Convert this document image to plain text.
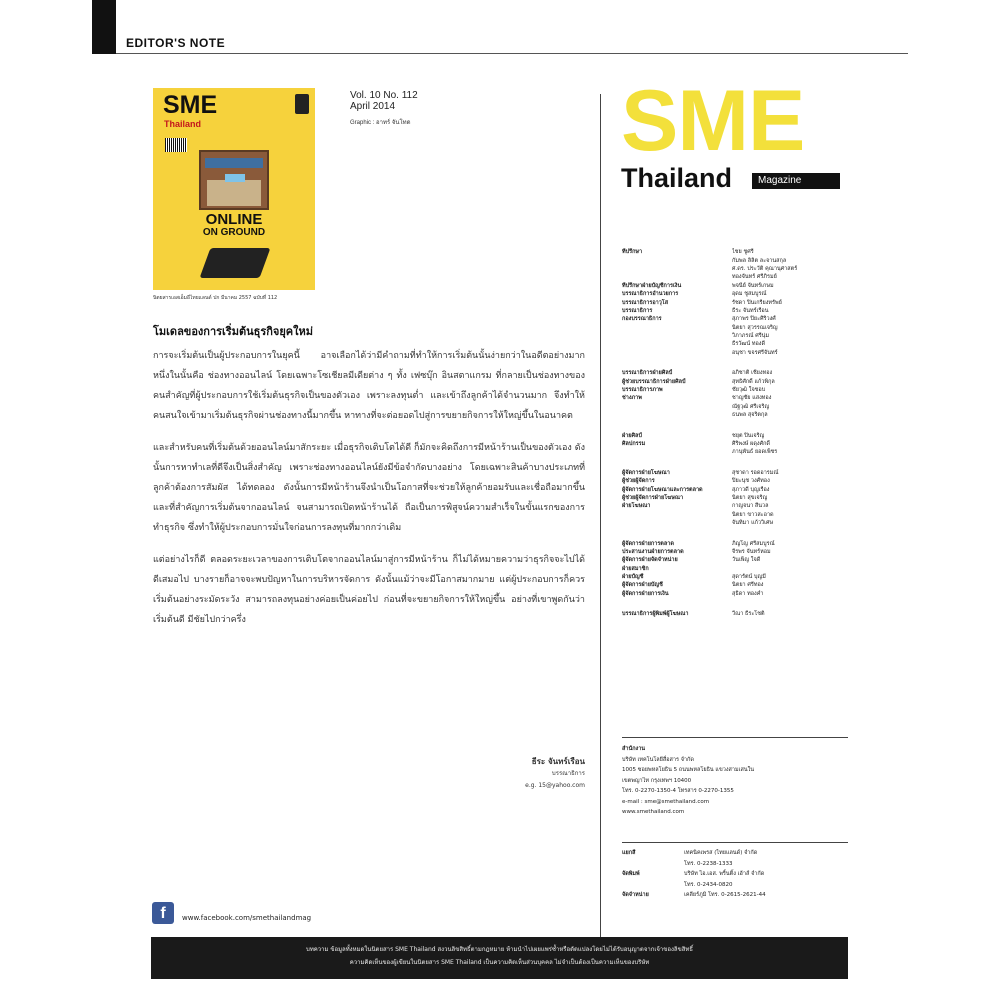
EDITOR'S NOTE
SME
Thailand
ONLINE
ON GROUND
นิตยสารเอสเอ็มอีไทยแลนด์ ปก มีนาคม 2557 ฉบับที่ 112
Vol. 10 No. 112
April 2014
Graphic : อาทร์ จันโทด
โมเดลของการเริ่มต้นธุรกิจยุคใหม่

การจะเริ่มต้นเป็นผู้ประกอบการในยุคนี้ อาจเลือกได้ว่ามีคำถามที่ทำให้การเริ่มต้นนั้นง่ายกว่าในอดีตอย่างมาก หนึ่งในนั้นคือ ช่องทางออนไลน์ โดยเฉพาะโซเชียลมีเดียต่าง ๆ ทั้ง เฟซบุ๊ก อินสตาแกรม ที่กลายเป็นช่องทางของคนสำคัญที่ผู้ประกอบการใช้เริ่มต้นธุรกิจเป็นของตัวเอง เพราะลงทุนต่ำ และเข้าถึงลูกค้าได้จำนวนมาก จึงทำให้คนสนใจเข้ามาเริ่มต้นธุรกิจผ่านช่องทางนี้มากขึ้น หาทางที่จะต่อยอดไปสู่การขยายกิจการให้ใหญ่ขึ้นในอนาคต

และสำหรับคนที่เริ่มต้นด้วยออนไลน์มาสักระยะ เมื่อธุรกิจเติบโตได้ดี ก็มักจะคิดถึงการมีหน้าร้านเป็นของตัวเอง ดังนั้นการหาทำเลที่ดีจึงเป็นสิ่งสำคัญ เพราะช่องทางออนไลน์ยังมีข้อจำกัดบางอย่าง โดยเฉพาะสินค้าบางประเภทที่ลูกค้าต้องการสัมผัส ได้ทดลอง ดังนั้นการมีหน้าร้านจึงนำเป็นโอกาสที่จะช่วยให้ลูกค้ายอมรับและเชื่อถือมากขึ้น และที่สำคัญการเริ่มต้นจากออนไลน์ จนสามารถเปิดหน้าร้านได้ ถือเป็นการพิสูจน์ความสำเร็จในขั้นแรกของการทำธุรกิจ ซึ่งทำให้ผู้ประกอบการมั่นใจก่อนการลงทุนที่มากกว่าเดิม

แต่อย่างไรก็ดี ตลอดระยะเวลาของการเติบโตจากออนไลน์มาสู่การมีหน้าร้าน ก็ไม่ได้หมายความว่าธุรกิจจะไปได้ดีเสมอไป บางรายก็อาจจะพบปัญหาในการบริหารจัดการ ดังนั้นแม้ว่าจะมีโอกาสมากมาย แต่ผู้ประกอบการก็ควรเริ่มต้นอย่างระมัดระวัง สามารถลงทุนอย่างค่อยเป็นค่อยไป ก่อนที่จะขยายกิจการให้ใหญ่ขึ้น อย่างที่เขาพูดกันว่า เริ่มต้นดี มีชัยไปกว่าครึ่ง

ธีระ จันทร์เรือน
บรรณาธิการ
e.g. 15@yahoo.com
f	www.facebook.com/smethailandmag
SME
Thailand	Magazine
ที่ปรึกษา	ไชย ชูศรี
กัมพล ลิลิต ละจานสกุล
ศ.ดร. ประวัติ คุณานุศาสตร์
ทองจันทร์ ศรีภิรมย์
ที่ปรึกษาฝ่ายบัญชีการเงิน	พจนีย์ จันทร์เกษม
บรรณาธิการอำนวยการ	อุดม ชูสมบูรณ์
บรรณาธิการอาวุโส	รัชดา ปิ่นเกรียงทรัพย์
บรรณาธิการ	ธีระ จันทร์เรือน
กองบรรณาธิการ	สุภาพร ปิยะศิริวงศ์
นิตยา สุวรรณเจริญ
วิภาภรณ์ ศรีนุ่ม
ธีรวัฒน์ ทองดี
อนุชา ขจรศรีจันทร์
บรรณาธิการฝ่ายศิลป์	อภิชาติ เชียงทอง
ผู้ช่วยบรรณาธิการฝ่ายศิลป์	สุทธิศักดิ์ แก้วพิกุล
บรรณาธิการภาพ	ชัยวุฒิ ใจชอบ
ช่างภาพ	ชาญชัย แสงทอง
ณัฐวุฒิ ศรีเจริญ
ธนพล สุจริตกุล
ฝ่ายศิลป์	ชยุต ปิ่นเจริญ
ศิลปกรรม	ศิริพงษ์ ผดุงศักดิ์
ภานุพันธ์ ยอดเพ็ชร
ผู้จัดการฝ่ายโฆษณา	สุชาดา รอดอารมณ์
ผู้ช่วยผู้จัดการ	ปิยะนุช วงศ์ทอง
ผู้จัดการฝ่ายโฆษณาและการตลาด	สุภาวดี บุญเรือง
ผู้ช่วยผู้จัดการฝ่ายโฆษณา	นิตยา สุขเจริญ
ฝ่ายโฆษณา	กาญจนา สีนวล
นิตยา ขาวสะอาด
จันทิมา แก้ววิเศษ
ผู้จัดการฝ่ายการตลาด	ภิญโญ ศรีสมบูรณ์
ประสานงานฝ่ายการตลาด	จีรพร จันทร์หอม
ผู้จัดการฝ่ายจัดจำหน่าย	วันเพ็ญ ใจดี
ฝ่ายสมาชิก
ฝ่ายบัญชี	สุดารัตน์ บุญมี
ผู้จัดการฝ่ายบัญชี	นิตยา ศรีทอง
ผู้จัดการฝ่ายการเงิน	สุธิดา ทองคำ
บรรณาธิการผู้พิมพ์ผู้โฆษณา	วีณา ธีระโชติ
สำนักงาน
บริษัท เทคโนโลยีสื่อสาร จำกัด
1005 ซอยพหลโยธิน 5 ถนนพหลโยธิน แขวงสามเสนใน
เขตพญาไท กรุงเทพฯ 10400
โทร. 0-2270-1350-4 โทรสาร 0-2270-1355
e-mail : sme@smethailand.com
www.smethailand.com
แยกสี	เทคนิคเพรส (ไทยแลนด์) จำกัด
โทร. 0-2238-1333
จัดพิมพ์	บริษัท ไอ.เอส. พริ้นติ้ง เฮ้าส์ จำกัด
โทร. 0-2434-0820
จัดจำหน่าย	เคลียร์ภูมิ โทร. 0-2615-2621-44
บทความ ข้อมูลทั้งหมดในนิตยสาร SME Thailand สงวนลิขสิทธิ์ตามกฎหมาย ห้ามนำไปเผยแพร่ซ้ำหรือดัดแปลงโดยไม่ได้รับอนุญาตจากเจ้าของลิขสิทธิ์
ความคิดเห็นของผู้เขียนในนิตยสาร SME Thailand เป็นความคิดเห็นส่วนบุคคล ไม่จำเป็นต้องเป็นความเห็นของบริษัท
